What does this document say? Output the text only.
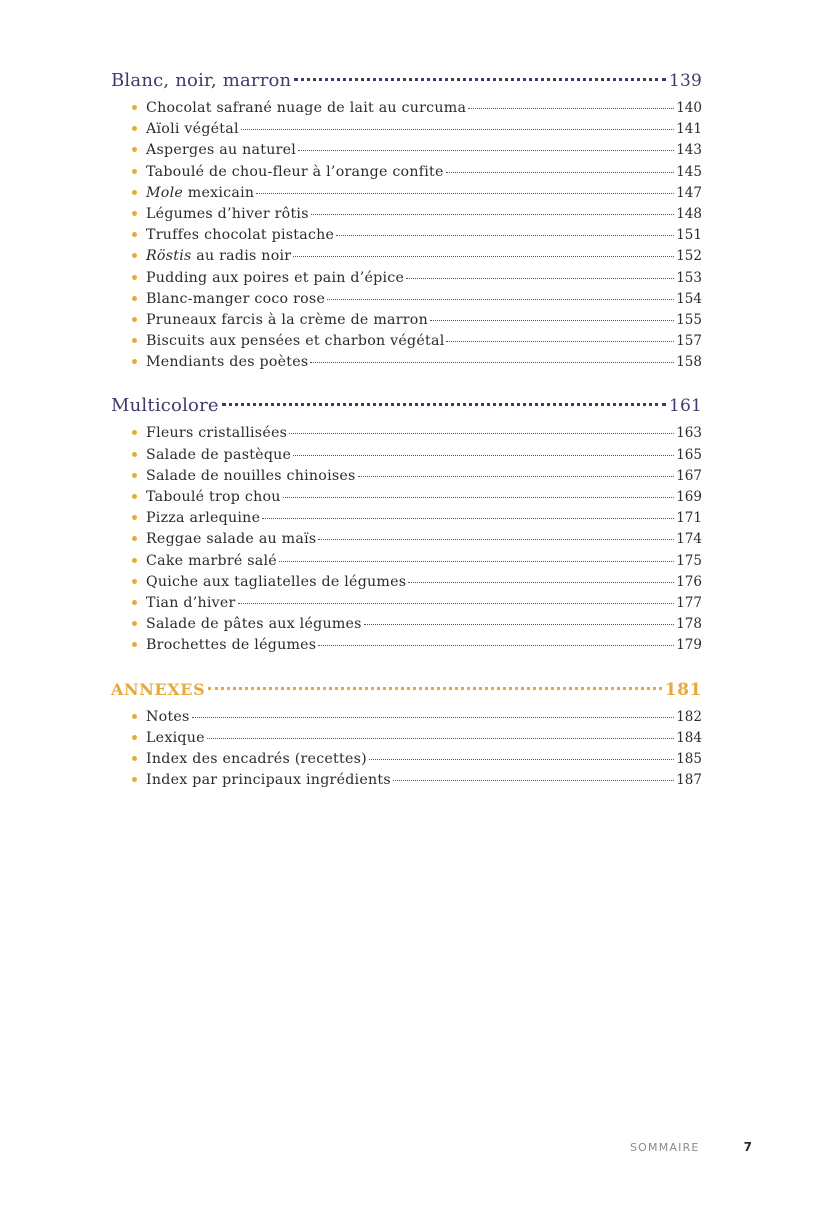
Blanc, noir, marron	139
Chocolat safrané nuage de lait au curcuma	140
Aïoli végétal	141
Asperges au naturel	143
Taboulé de chou-fleur à l’orange confite	145
Mole mexicain	147
Légumes d’hiver rôtis	148
Truffes chocolat pistache	151
Röstis au radis noir	152
Pudding aux poires et pain d’épice	153
Blanc-manger coco rose	154
Pruneaux farcis à la crème de marron	155
Biscuits aux pensées et charbon végétal	157
Mendiants des poètes	158
Multicolore	161
Fleurs cristallisées	163
Salade de pastèque	165
Salade de nouilles chinoises	167
Taboulé trop chou	169
Pizza arlequine	171
Reggae salade au maïs	174
Cake marbré salé	175
Quiche aux tagliatelles de légumes	176
Tian d’hiver	177
Salade de pâtes aux légumes	178
Brochettes de légumes	179
ANNEXES	181
Notes	182
Lexique	184
Index des encadrés (recettes)	185
Index par principaux ingrédients	187
SOMMAIRE	7
